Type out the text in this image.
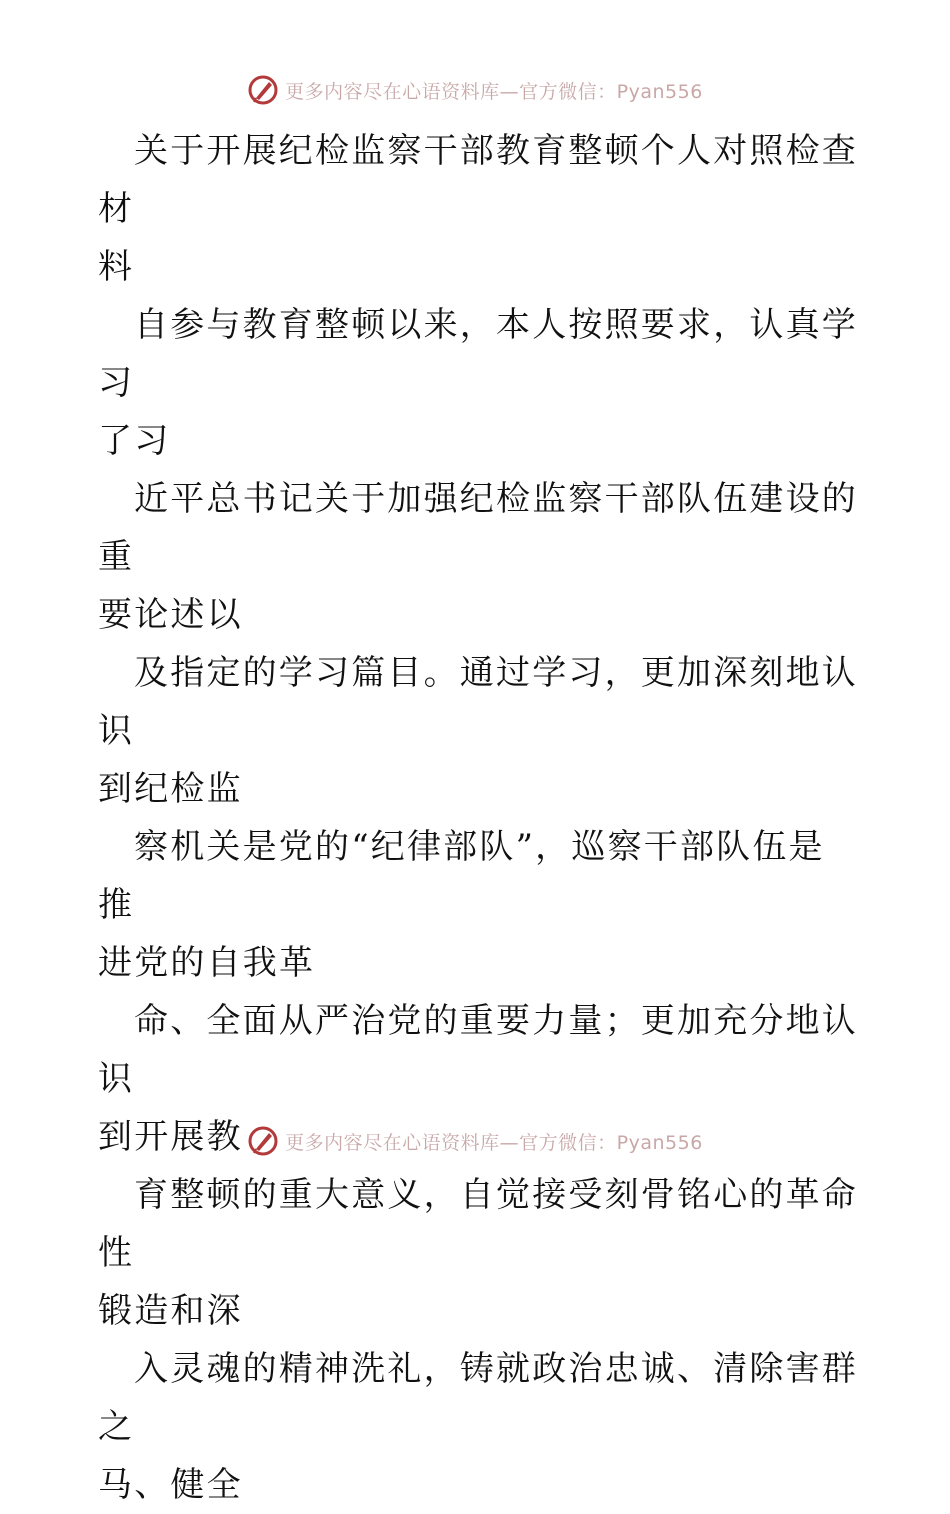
更多内容尽在心语资料库—官方微信：Pyan556

关于开展纪检监察干部教育整顿个人对照检查材
料

自参与教育整顿以来，本人按照要求，认真学习
了习

近平总书记关于加强纪检监察干部队伍建设的重
要论述以

及指定的学习篇目。通过学习，更加深刻地认识
到纪检监

察机关是党的“纪律部队”，巡察干部队伍是推
进党的自我革

命、全面从严治党的重要力量；更加充分地认识
到开展教

育整顿的重大意义，自觉接受刻骨铭心的革命性
锻造和深

入灵魂的精神洗礼，铸就政治忠诚、清除害群之
马、健全

更多内容尽在心语资料库—官方微信：Pyan556
